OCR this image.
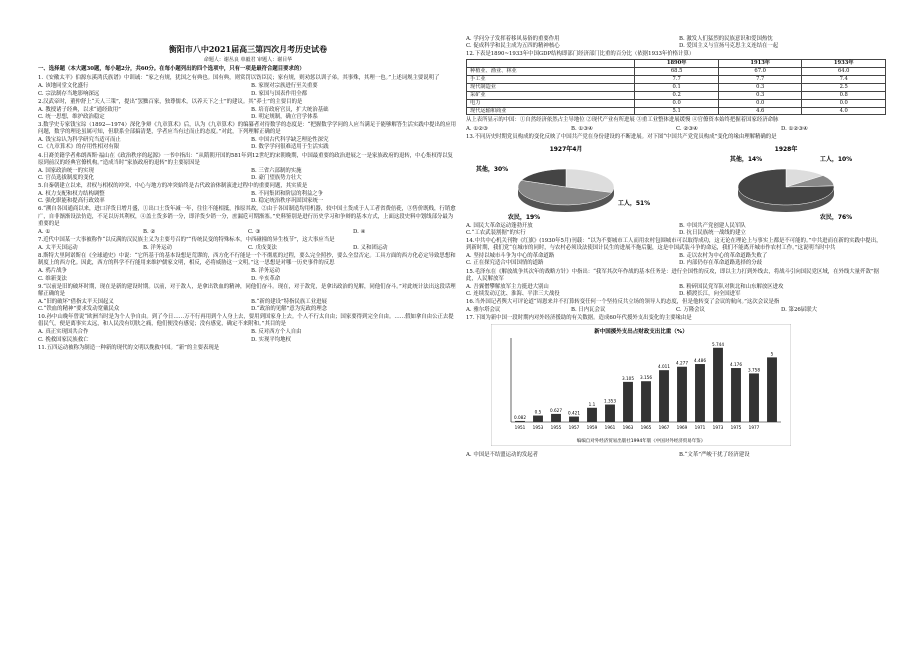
衡阳市八中2021届高三第四次月考历史试卷
命题人：谢丛良 单毅君 审题人：谢目华
一、选择题（本大题30题，每小题2分，共60分。在每小题列出的四个选项中，只有一项是最符合题目要求的）
1.《安徽太平》伯源东溪鸿氏族谱》中训诫：“家之有规，犹国之有典也。国有典，则赏罚以饬臣民；家有规，则劝惩以训子弟。其事殊，其理一也。”上述词规主要说明了
A. 该地同堂文化盛行	B. 家规对宗族进行至关重要
C. 宗法制存当地影响深远	D. 家国与国表作用全都
2.汉武帝时，董仲舒上“天人三策”，提出“罢黜百家，独尊儒术，以养天下之士”的建议。其“养士”的主要目的是
A. 教授诸子经典，以求“通经致用”	B. 培育政府官员，扩大统治基础
C. 统一思想，维护政治稳定	D. 明定规制，确立官学体系
3.数学史专家钱宝琮（1892—1974）深化争辩《九章算术》后，认为《九章算术》的编纂者对待数学的态度是：“把握数学学问的人应当满足于能够解答生活实践中提出的应用问题，数学的理论虽属可知，但联系全部搞清楚，学者应当有过而止的态度。”对此，下列理解正确的是
A. 钱宝琮认为科学研究当适可而止	B. 中国古代科学缺乏理论性深究
C.《九章算术》的存用性相对有限	D. 数学学问很难适用于生活实践
4.日裔美籍学者弗朗西斯·福山在《政治秩序的起源》一书中指出：“从隋朝开国的581年到12世纪的宋朝晚期，中国最重要的政治进展之一是家族政府的退转，中心集权得以复原到前汉的经典官僚机构。”造成当时“家族政府的退转”的主要原因是
A. 国家政治统一的实现	B. 三省六部制的实施
C. 官员选拔制度的变化	D. 豪门望族势力壮大
5.自秦朝建立以来，君权与相权的冲突、中心与地方的冲突始终是古代政治体制演进过程中的重要问题，其实质是
A. 权力支配和权力结构调整	B. 不同集团和阶层的利益之争
C. 强化职能和提高行政效率	D. 稳定统治秩序巩固国家统一
6.“溯自各国通商以来，进口洋货日增月盛，①出口土货年减一年，往往不能相抵，推原其故，②由于各国制造均用机器，较中国土货成于人工者省费倍蓰，③售价既贱，行销愈广，自非渐渐设法仿造，不足以历其利权，④盖土货多销一分，即洋货少销一分，庶漏卮可期渐塞。”史料鉴别是进行历史学习和争辩的基本方式，上面这段史料中划线部分最为重要的是
A. ①	B. ②	C. ③	D. ④
7.近代中国某一大事被称作“以反满的汉民族主义为主要号召的”“传统民变的特殊标本，中西碰撞的异生枝节”，这大事应当是
A. 太平天国运动	B. 洋务运动	C. 戊戌变法	D. 义和团运动
8.斯特大里阿诺斯在《全球通史》中说：“它所基于的基本设想是荒谬的，西方化不行能是一个不彻底的过程，要么完全照抄，要么全盘否定。工具方面的西方化必定导致思想和制度上的西方化。因此，西方的科学不行能用来维护儒家文明，相反，必将威胁这一文明。”这一思想是对哪一历史事件的反思
A. 鸦片战争	B. 洋务运动
C. 维新变法	D. 辛亥革命
9.“以前是旧的破坏时期，现在是新的建设时期。以前，对于敌人，是拿出铁血的精神，同他们奋斗。现在，对于敌党，是拿出政治的见解，同他们奋斗。”对此统计法出这段话理解正确的是
A.“旧的破坏”借指太平天国起义	B.“新的建设”特指民族工业进展
C.“铁血的精神”要求发动宽戴民众	D.“政治的见解”意为宪政的理念
10.孙中山晚年曾说“欧洲当时是为个人争自由。到了今日……万不行再用到个人身上去，要用到国家身上去。个人不行太自由；国家要得到完全自由。……假如拿自由公正去提倡民气，便是离事实太远，和人民没有切肤之痛，他们便没有感觉；没有感觉，确定不来附和。”其目的是
A. 真正实现国共合作	B. 反对西方个人自由
C. 挽救国家民族救亡	D. 实现平均地权
11.五四运动被称为制造一种新的现代的文明以挽救中国。“新”的主要表现是
A. 学问分子发挥着移风易俗的重要作用	B. 激发人们猛烈的民族意识和爱国热忱
C. 促成科学和民主成为五四的精神核心	D. 爱国主义与宣扬马克思主义连结在一起
12.下表是1890~1933年中国GDP结构即部门经济部门比重的百分比（依据1933年价格计算）
	1890年	1913年	1933年
种植业、渔业、林业	68.5	67.0	64.0
手工业	7.7	7.7	7.4
现代制造业	0.1	0.3	2.5
采矿业	0.2	0.3	0.8
电力	0.0	0.0	0.0
现代运输和商业	5.1	4.6	4.0
从上表所显示的中国：①自然经济依然占主导地位 ②现代产业有所进展 ③重工业整体进展缓慢 ④官僚资本始终把握着国家经济命脉
A. ①②③	B. ①③④	C. ②③④	D. ①②③④
13.不同历史时期党员构成的变化反映了中国共产党在身份建设的不断进展。对下图“中国共产党党员构成”变化的缘由理解精确的是
1927年4月
其他，30%
工人，51%
农民，19%
1928年
其他，14%	工人，10%
农民，76%
A. 国民大革命运动蓬勃开放	B. 中国共产党创建人民军队
C.“工农武装割据”的实行	D. 抗日民族统一战线的建立
14.中共中心机关刊物《红旗》(1930年5月)刊载：“以为不要城市工人而用农村包围城市可以取得成功，这无论在理论上与事实上都是不可能的。”中共进而在新的实践中提出，到新时期，我们党“在城市的同时，与农村必须设法使国计民生的进展不拖后腿，这是中国武装斗争的命运，我们不能离开城市作农村工作。”这说明当时中共
A. 坚持以城市斗争为中心的革命道路	B. 走以农村为中心的革命道路失败了
C. 正在探究适合中国国情的道路	D. 内部仍存在革命道路选择的分歧
15.毛泽东在《解放战争其次年的战略方针》中指出：“我军其次年作战的基本任务是：进行全国性的反攻，即以主力打到外线去，将战斗引向国民党区域，在外线大量歼敌”据此，人民解放军
A. 吾翼僧攀解放军主力挺进大别山	B. 粉碎国民党军队对陕北和山东解放区进攻
C. 连续发动辽沈、淮海、平津三大战役	D. 横渡长江，向全国进军
16.当外国记者舆大可评论道“周恩来并不打算转变任何一个坚持反共立场的领导人的态度，但是他转变了会议的航向。”这次会议是指
A. 雅尔塔会议	B. 日内瓦会议	C. 万隆会议	D. 第26届联大
17.下图为新中国一段时期内对外经济援助的有关数据。造成60年代援外支出变化的主要缘由是
新中国援外支出占财政支出比重（%）
0.082
0.5 0.627
0.421
1.1
1.353
3.105 3.156
4.011
4.277
4.486
5.744
4.176
3.758
5
1951 1953 1955 1957 1959 1961 1963 1965 1967 1969 1971 1973 1975 1977
编编自对外经济贸易出版社1994年版《中国对外经济贸易年鉴》
A. 中国是不结盟运动的发起者	B.“文革”严峻干扰了经济建设
